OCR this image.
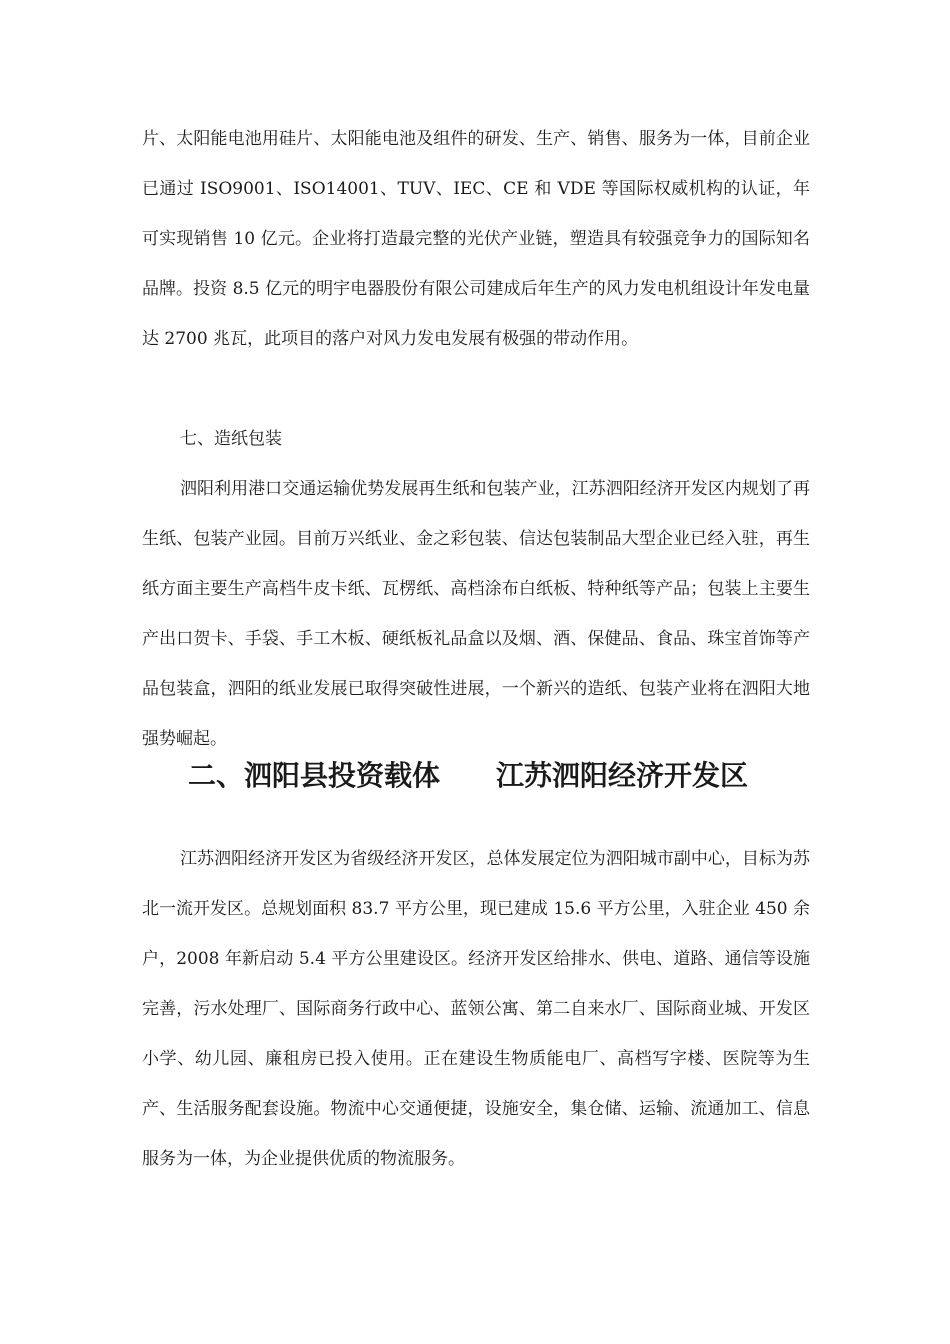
片、太阳能电池用硅片、太阳能电池及组件的研发、生产、销售、服务为一体，目前企业已通过 ISO9001、ISO14001、TUV、IEC、CE 和 VDE 等国际权威机构的认证，年可实现销售 10 亿元。企业将打造最完整的光伏产业链，塑造具有较强竞争力的国际知名品牌。投资 8.5 亿元的明宇电器股份有限公司建成后年生产的风力发电机组设计年发电量达 2700 兆瓦，此项目的落户对风力发电发展有极强的带动作用。

七、造纸包装

泗阳利用港口交通运输优势发展再生纸和包装产业，江苏泗阳经济开发区内规划了再生纸、包装产业园。目前万兴纸业、金之彩包装、信达包装制品大型企业已经入驻，再生纸方面主要生产高档牛皮卡纸、瓦楞纸、高档涂布白纸板、特种纸等产品；包装上主要生产出口贺卡、手袋、手工木板、硬纸板礼品盒以及烟、酒、保健品、食品、珠宝首饰等产品包装盒，泗阳的纸业发展已取得突破性进展，一个新兴的造纸、包装产业将在泗阳大地强势崛起。

二、泗阳县投资载体 江苏泗阳经济开发区

江苏泗阳经济开发区为省级经济开发区，总体发展定位为泗阳城市副中心，目标为苏北一流开发区。总规划面积 83.7 平方公里，现已建成 15.6 平方公里，入驻企业 450 余户，2008 年新启动 5.4 平方公里建设区。经济开发区给排水、供电、道路、通信等设施完善，污水处理厂、国际商务行政中心、蓝领公寓、第二自来水厂、国际商业城、开发区小学、幼儿园、廉租房已投入使用。正在建设生物质能电厂、高档写字楼、医院等为生产、生活服务配套设施。物流中心交通便捷，设施安全，集仓储、运输、流通加工、信息服务为一体，为企业提供优质的物流服务。
